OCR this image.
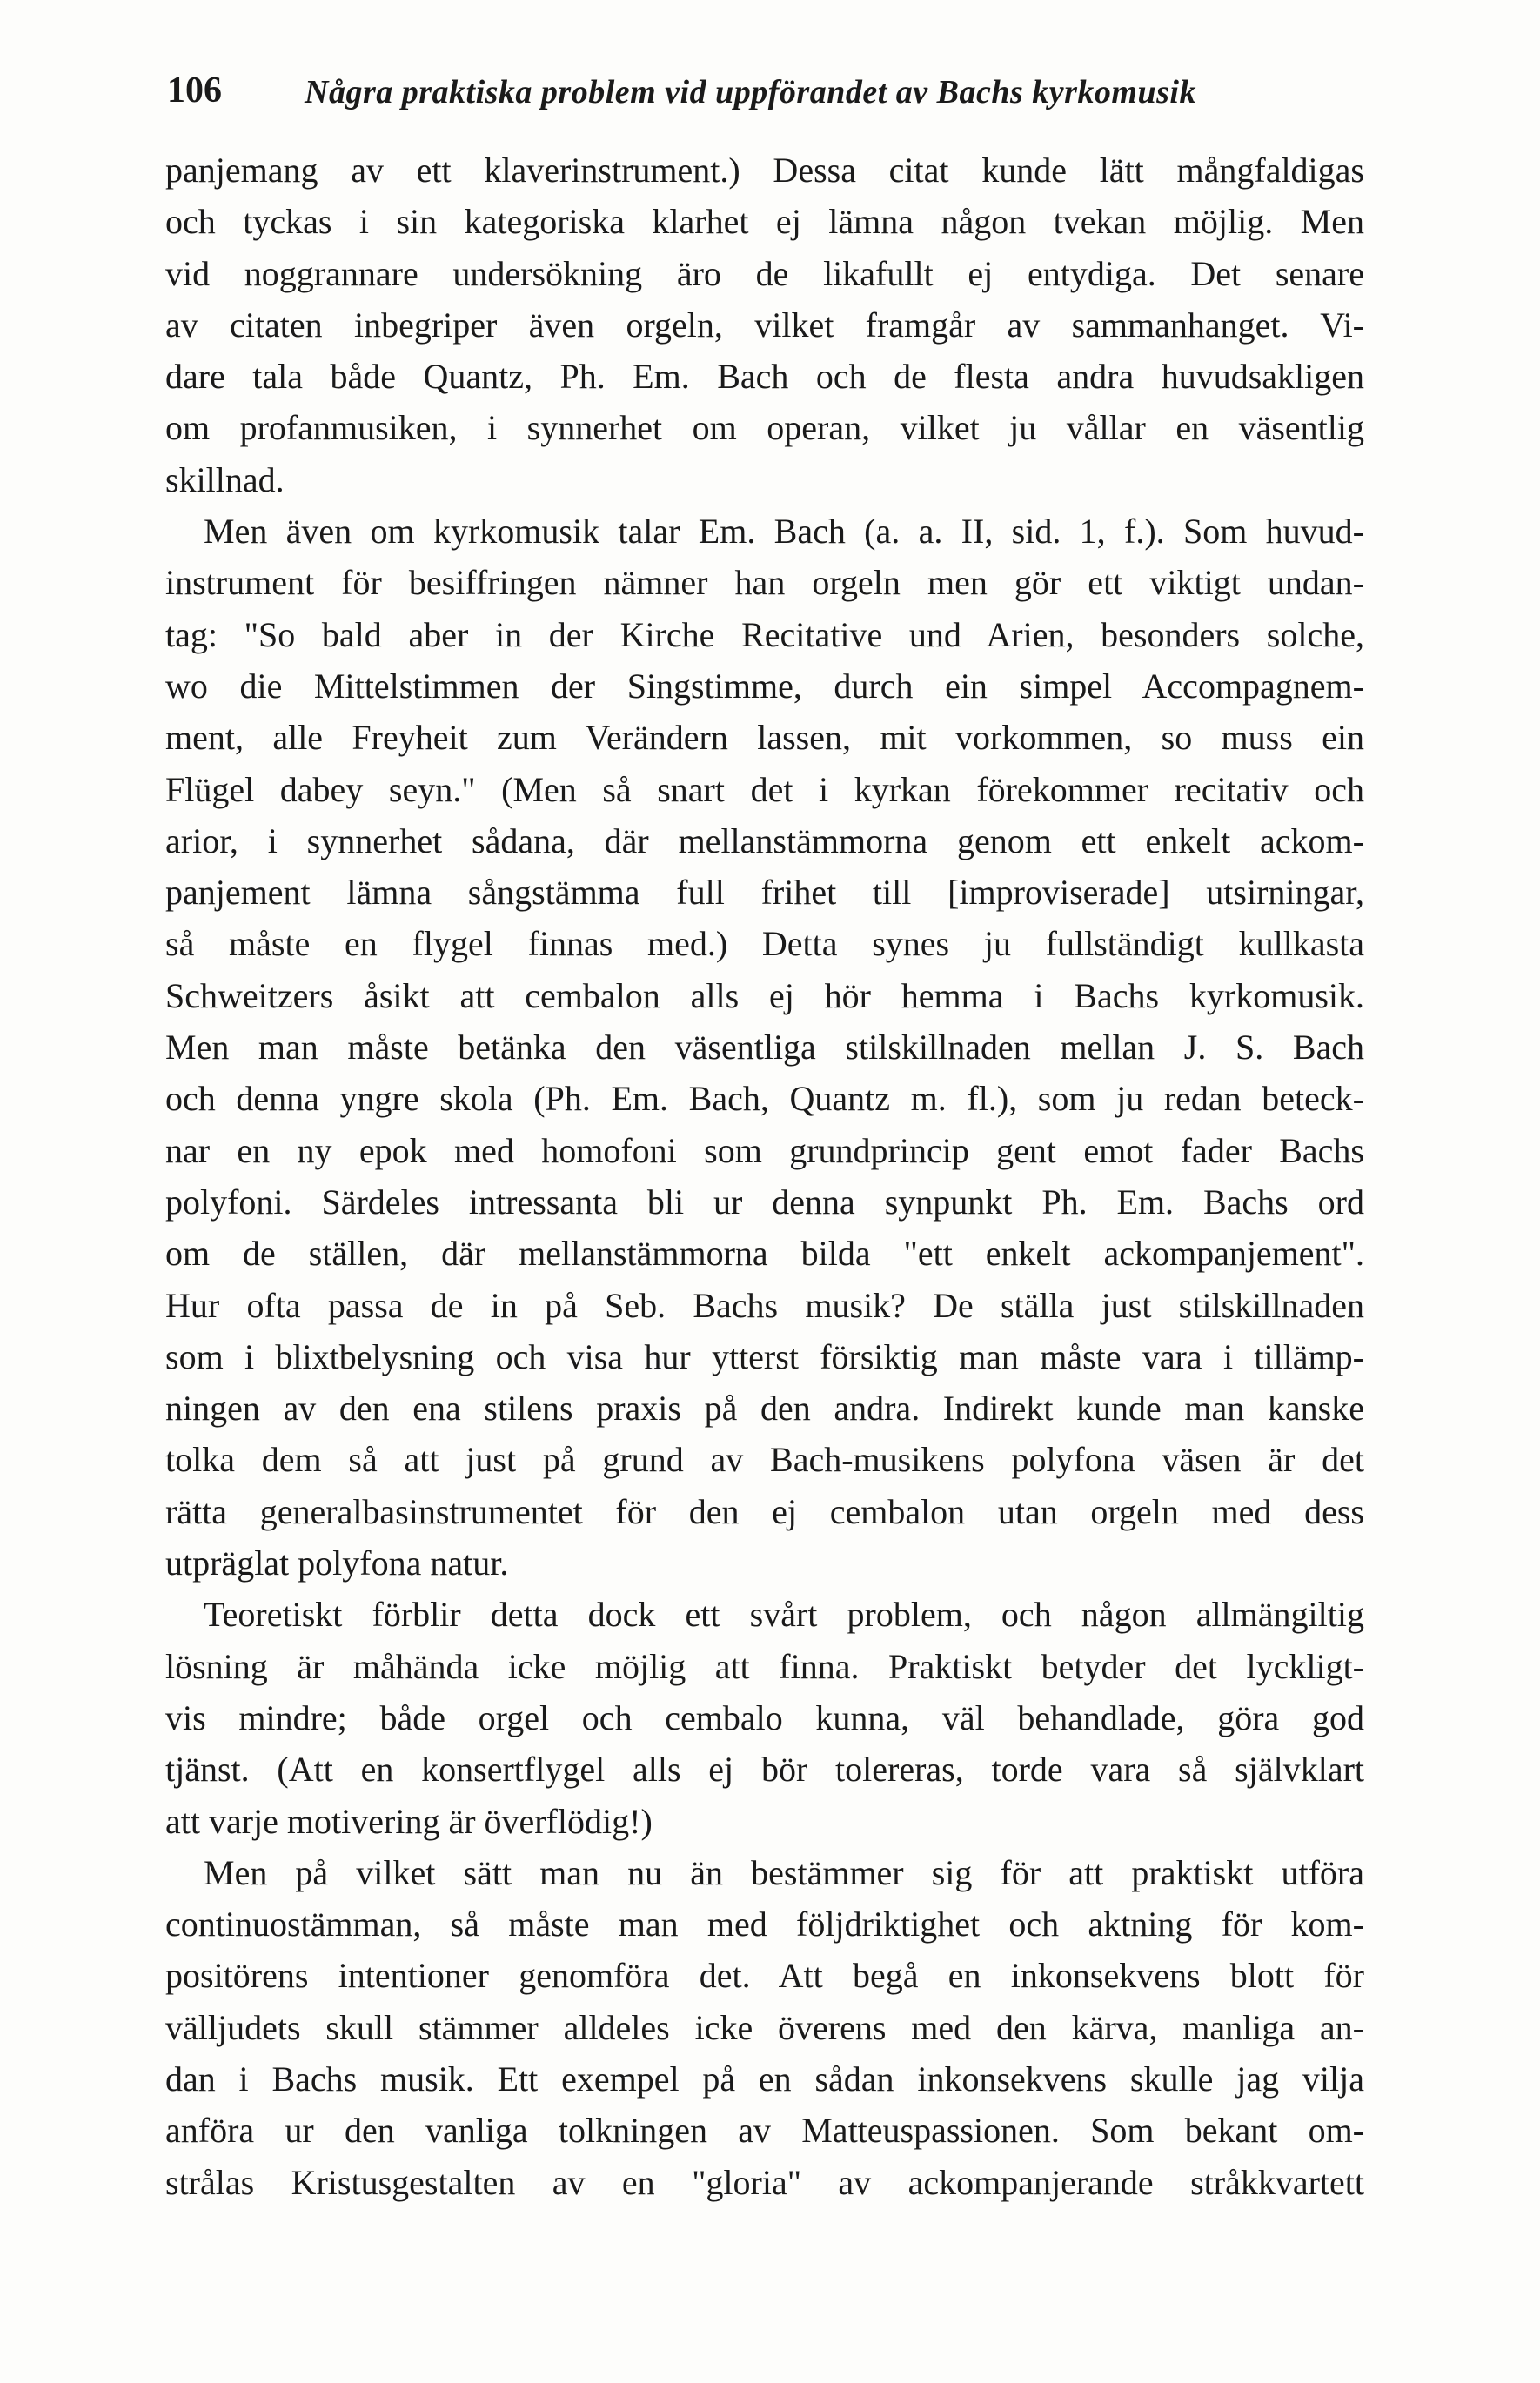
106	Några praktiska problem vid uppförandet av Bachs kyrkomusik
panjemang av ett klaverinstrument.) Dessa citat kunde lätt mångfaldigas
och tyckas i sin kategoriska klarhet ej lämna någon tvekan möjlig. Men
vid noggrannare undersökning äro de likafullt ej entydiga. Det senare
av citaten inbegriper även orgeln, vilket framgår av sammanhanget. Vi-
dare tala både Quantz, Ph. Em. Bach och de flesta andra huvudsakligen
om profanmusiken, i synnerhet om operan, vilket ju vållar en väsentlig
skillnad.
Men även om kyrkomusik talar Em. Bach (a. a. II, sid. 1, f.). Som huvud-
instrument för besiffringen nämner han orgeln men gör ett viktigt undan-
tag: "So bald aber in der Kirche Recitative und Arien, besonders solche,
wo die Mittelstimmen der Singstimme, durch ein simpel Accompagnem-
ment, alle Freyheit zum Verändern lassen, mit vorkommen, so muss ein
Flügel dabey seyn." (Men så snart det i kyrkan förekommer recitativ och
arior, i synnerhet sådana, där mellanstämmorna genom ett enkelt ackom-
panjement lämna sångstämma full frihet till [improviserade] utsirningar,
så måste en flygel finnas med.) Detta synes ju fullständigt kullkasta
Schweitzers åsikt att cembalon alls ej hör hemma i Bachs kyrkomusik.
Men man måste betänka den väsentliga stilskillnaden mellan J. S. Bach
och denna yngre skola (Ph. Em. Bach, Quantz m. fl.), som ju redan beteck-
nar en ny epok med homofoni som grundprincip gent emot fader Bachs
polyfoni. Särdeles intressanta bli ur denna synpunkt Ph. Em. Bachs ord
om de ställen, där mellanstämmorna bilda "ett enkelt ackompanjement".
Hur ofta passa de in på Seb. Bachs musik? De ställa just stilskillnaden
som i blixtbelysning och visa hur ytterst försiktig man måste vara i tillämp-
ningen av den ena stilens praxis på den andra. Indirekt kunde man kanske
tolka dem så att just på grund av Bach-musikens polyfona väsen är det
rätta generalbasinstrumentet för den ej cembalon utan orgeln med dess
utpräglat polyfona natur.
Teoretiskt förblir detta dock ett svårt problem, och någon allmängiltig
lösning är måhända icke möjlig att finna. Praktiskt betyder det lyckligt-
vis mindre; både orgel och cembalo kunna, väl behandlade, göra god
tjänst. (Att en konsertflygel alls ej bör tolereras, torde vara så självklart
att varje motivering är överflödig!)
Men på vilket sätt man nu än bestämmer sig för att praktiskt utföra
continuostämman, så måste man med följdriktighet och aktning för kom-
positörens intentioner genomföra det. Att begå en inkonsekvens blott för
välljudets skull stämmer alldeles icke överens med den kärva, manliga an-
dan i Bachs musik. Ett exempel på en sådan inkonsekvens skulle jag vilja
anföra ur den vanliga tolkningen av Matteuspassionen. Som bekant om-
strålas Kristusgestalten av en "gloria" av ackompanjerande stråkkvartett
